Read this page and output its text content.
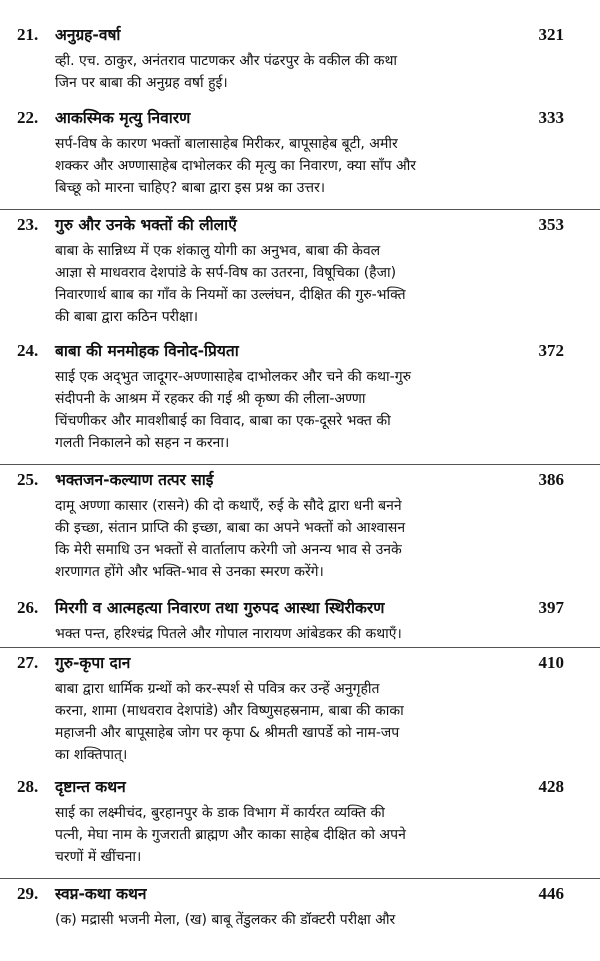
21. अनुग्रह-वर्षा	321
व्ही. एच. ठाकुर, अनंतराव पाटणकर और पंढरपुर के वकील की कथा
जिन पर बाबा की अनुग्रह वर्षा हुई।
22. आकस्मिक मृत्यु निवारण	333
सर्प-विष के कारण भक्तों बालासाहेब मिरीकर, बापूसाहेब बूटी, अमीर
शक्कर और अण्णासाहेब दाभोलकर की मृत्यु का निवारण, क्या साँप और
बिच्छू को मारना चाहिए? बाबा द्वारा इस प्रश्न का उत्तर।
23. गुरु और उनके भक्तों की लीलाएँ	353
बाबा के सान्निध्य में एक शंकालु योगी का अनुभव, बाबा की केवल
आज्ञा से माधवराव देशपांडे के सर्प-विष का उतरना, विषूचिका (हैजा)
निवारणार्थ बााब का गाँव के नियमों का उल्लंघन, दीक्षित की गुरु-भक्ति
की बाबा द्वारा कठिन परीक्षा।
24. बाबा की मनमोहक विनोद-प्रियता	372
साई एक अद्‌भुत जादूगर-अण्णासाहेब दाभोलकर और चने की कथा-गुरु
संदीपनी के आश्रम में रहकर की गई श्री कृष्ण की लीला-अण्णा
चिंचणीकर और मावशीबाई का विवाद, बाबा का एक-दूसरे भक्त की
गलती निकालने को सहन न करना।
25. भक्तजन-कल्याण तत्पर साई	386
दामू अण्णा कासार (रासने) की दो कथाएँ, रुई के सौदे द्वारा धनी बनने
की इच्छा, संतान प्राप्ति की इच्छा, बाबा का अपने भक्तों को आश्वासन
कि मेरी समाधि उन भक्तों से वार्तालाप करेगी जो अनन्य भाव से उनके
शरणागत होंगे और भक्ति-भाव से उनका स्मरण करेंगे।
26. मिरगी व आत्महत्या निवारण तथा गुरुपद आस्था स्थिरीकरण	397
भक्त पन्त, हरिश्चंद्र पितले और गोपाल नारायण आंबेडकर की कथाएँ।
27. गुरु-कृपा दान	410
बाबा द्वारा धार्मिक ग्रन्थों को कर-स्पर्श से पवित्र कर उन्हें अनुगृहीत
करना, शामा (माधवराव देशपांडे) और विष्णुसहस्रनाम, बाबा की काका
महाजनी और बापूसाहेब जोग पर कृपा & श्रीमती खापर्डे को नाम-जप
का शक्तिपात्।
28. दृष्टान्त कथन	428
साई का लक्ष्मीचंद, बुरहानपुर के डाक विभाग में कार्यरत व्यक्ति की
पत्नी, मेघा नाम के गुजराती ब्राह्मण और काका साहेब दीक्षित को अपने
चरणों में खींचना।
29. स्वप्न-कथा कथन	446
(क) मद्रासी भजनी मेला, (ख) बाबू तेंडुलकर की डॉक्टरी परीक्षा और
